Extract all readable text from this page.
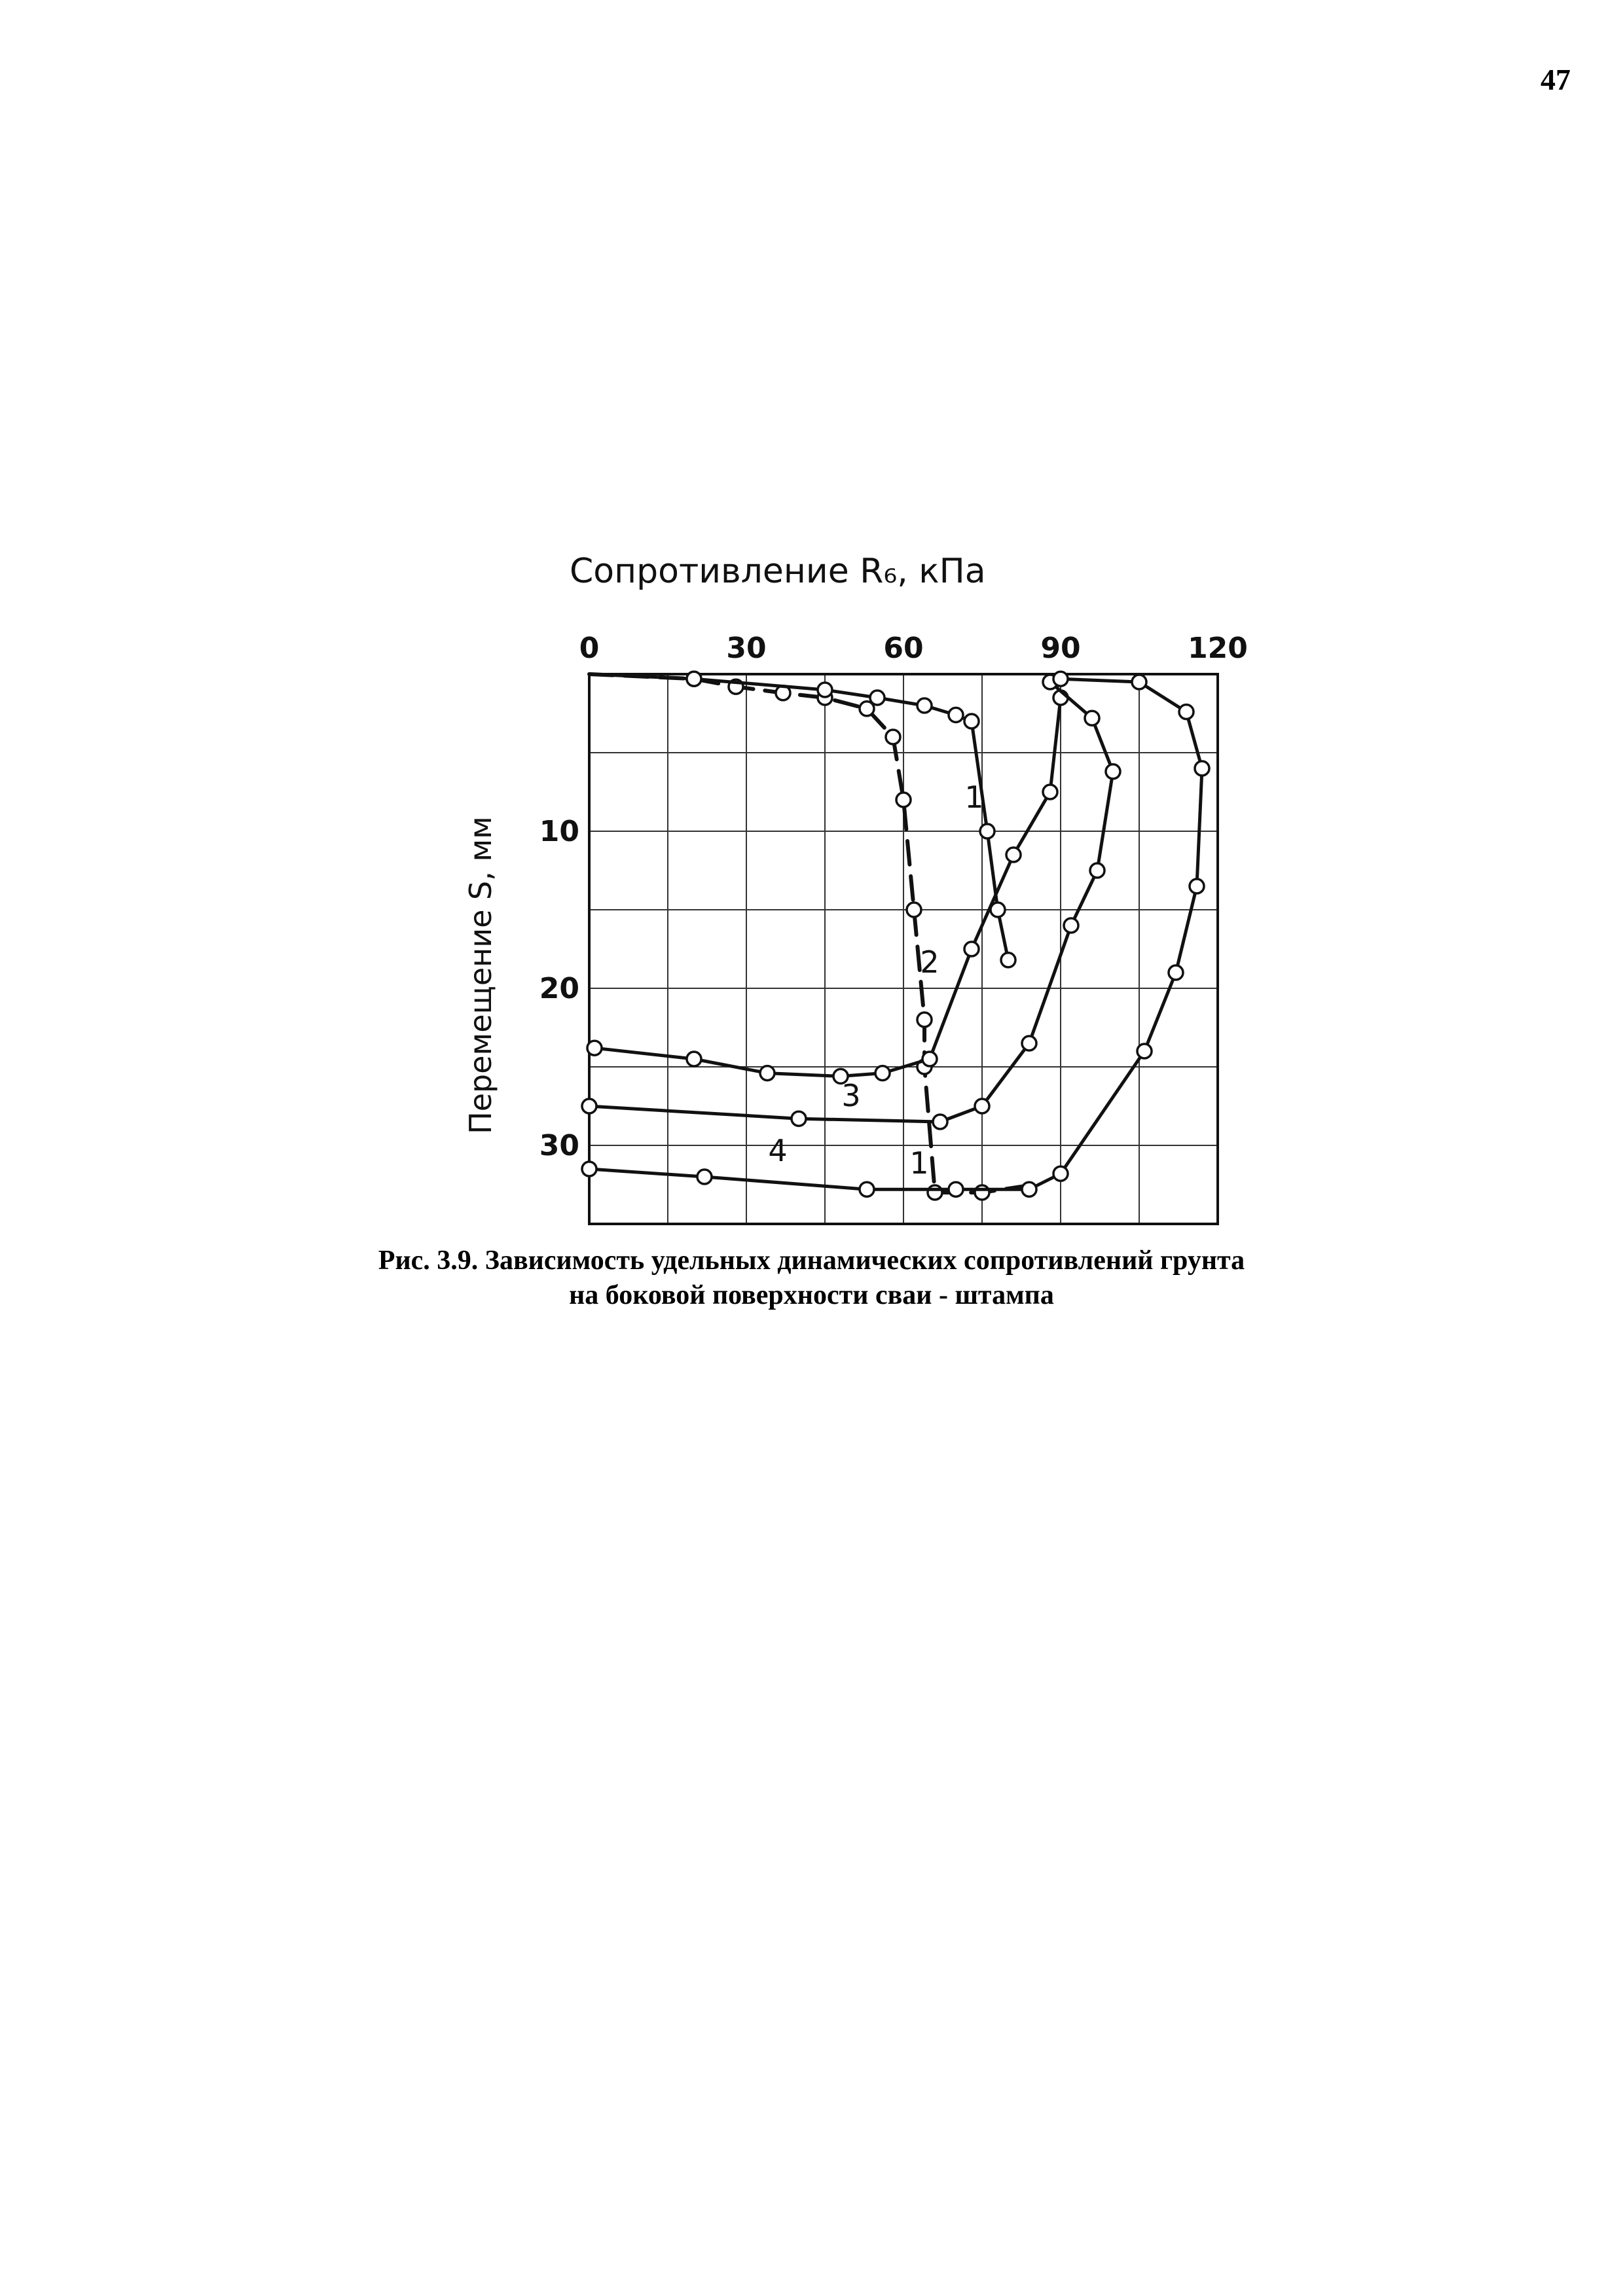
47
Сопротивление R₆, кПа
Перемещение S, мм
0	30	60	90	120
10
20
30	1
1
2
3
4
Рис. 3.9. Зависимость удельных динамических сопротивлений грунта
на боковой поверхности сваи - штампа
